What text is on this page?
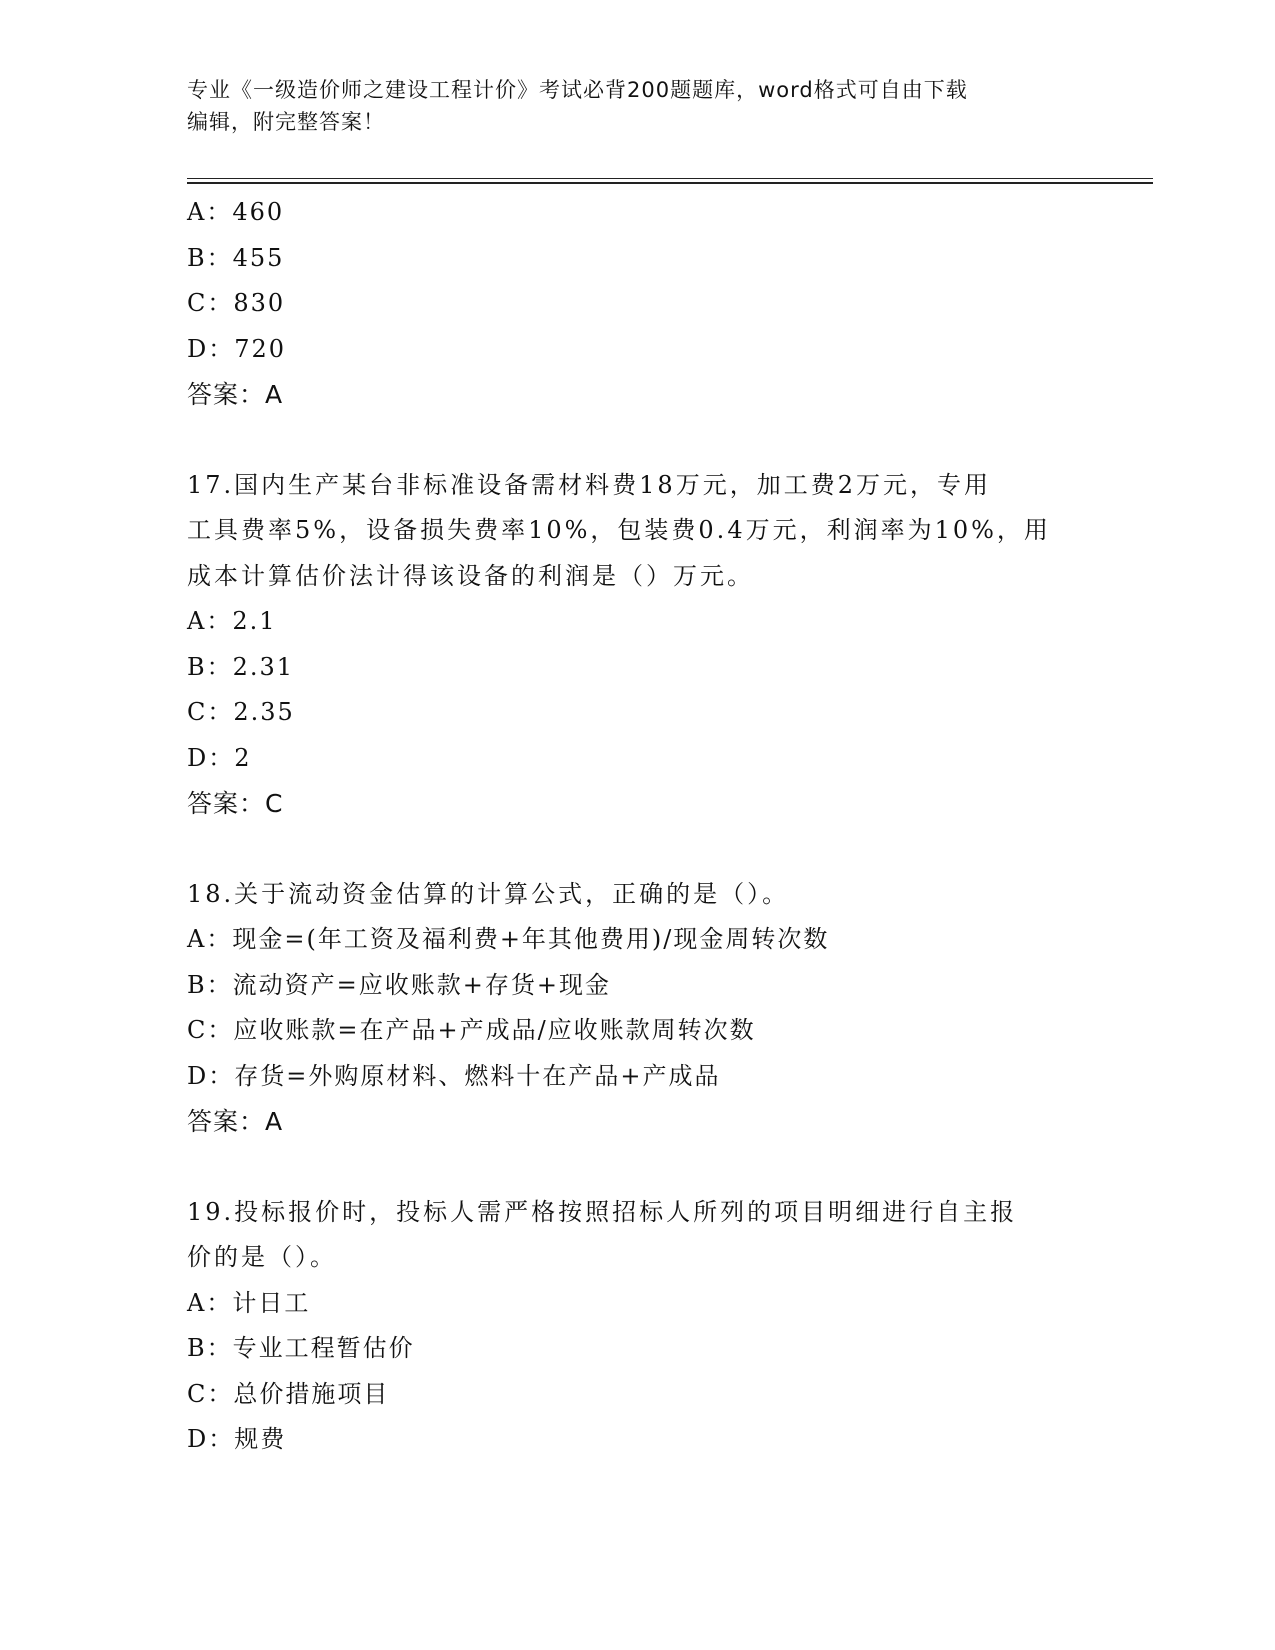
专业《一级造价师之建设工程计价》考试必背200题题库，word格式可自由下载
编辑，附完整答案！
A：460
B：455
C：830
D：720
答案：A
17.国内生产某台非标准设备需材料费18万元，加工费2万元，专用
工具费率5%，设备损失费率10%，包装费0.4万元，利润率为10%，用
成本计算估价法计得该设备的利润是（）万元。
A：2.1
B：2.31
C：2.35
D：2
答案：C
18.关于流动资金估算的计算公式，正确的是（）。
A：现金=(年工资及福利费+年其他费用)/现金周转次数
B：流动资产=应收账款+存货+现金
C：应收账款=在产品+产成品/应收账款周转次数
D：存货=外购原材料、燃料十在产品+产成品
答案：A
19.投标报价时，投标人需严格按照招标人所列的项目明细进行自主报
价的是（）。
A：计日工
B：专业工程暂估价
C：总价措施项目
D：规费
